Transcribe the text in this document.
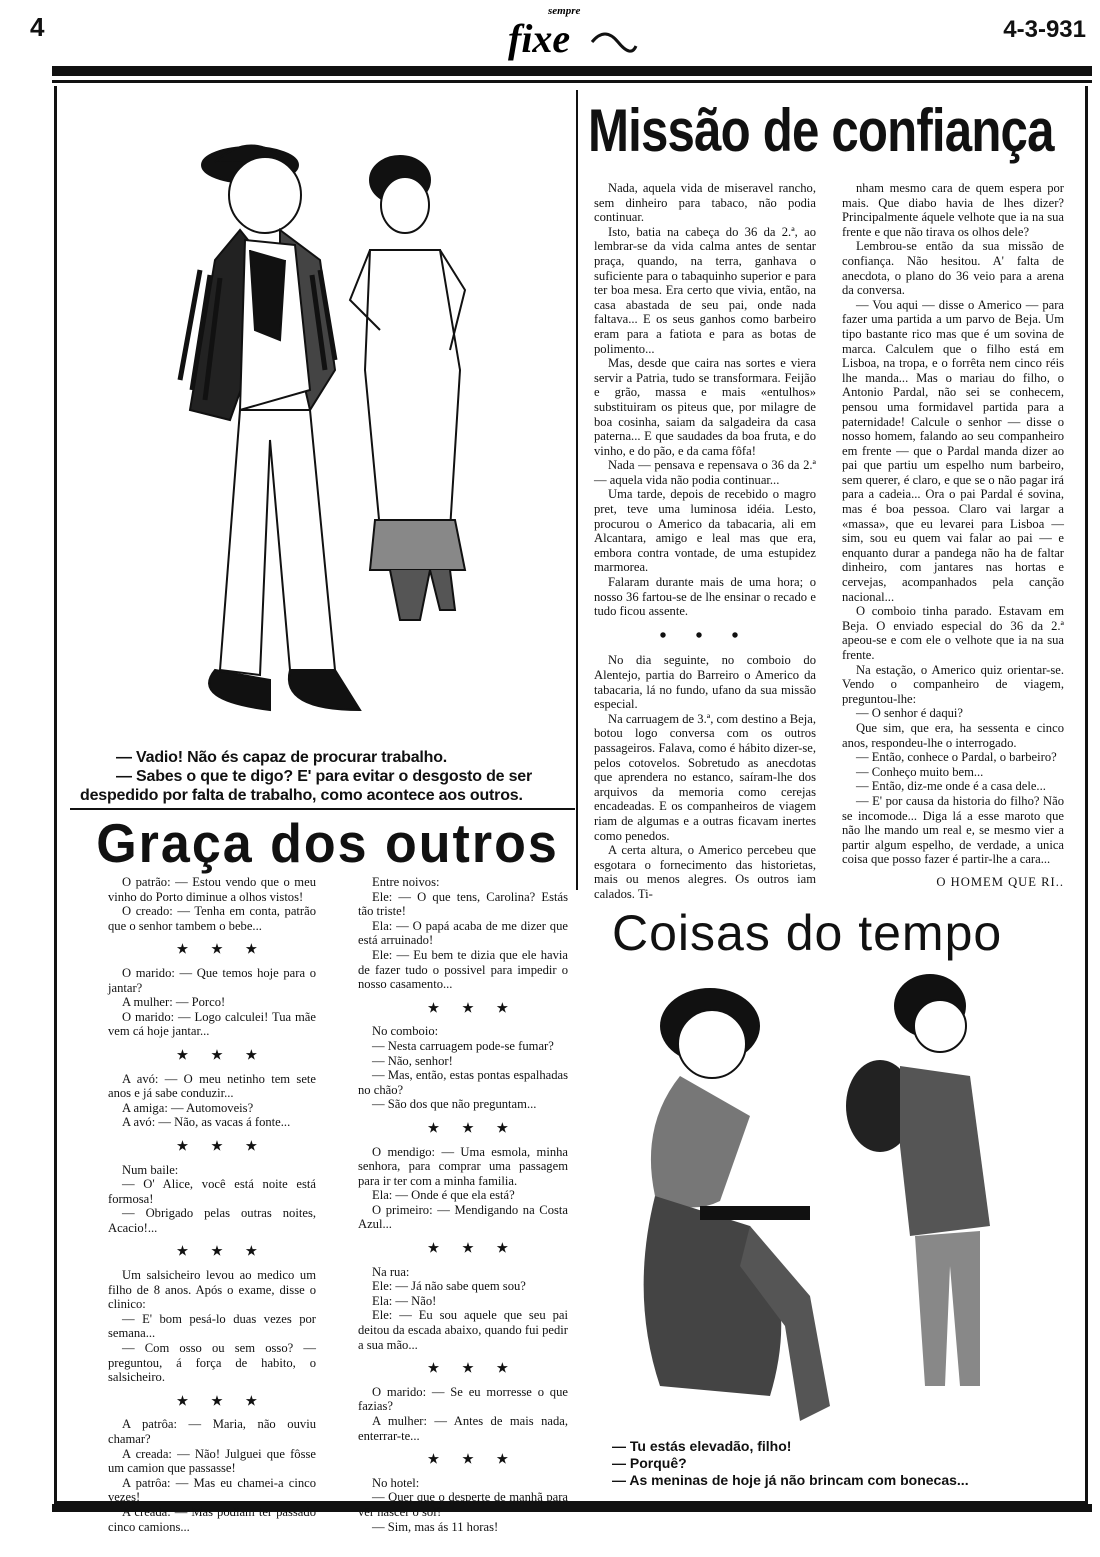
4
sempre
fixe	4-3-931

— Vadio! Não és capaz de procurar trabalho.

— Sabes o que te digo? E' para evitar o desgosto de ser despedido por falta de trabalho, como acontece aos outros.

Graça dos outros

O patrão: — Estou vendo que o meu vinho do Porto diminue a olhos vistos!

O creado: — Tenha em conta, patrão que o senhor tambem o bebe...

★ ★ ★

O marido: — Que temos hoje para o jantar?

A mulher: — Porco!

O marido: — Logo calculei! Tua mãe vem cá hoje jantar...

★ ★ ★

A avó: — O meu netinho tem sete anos e já sabe conduzir...

A amiga: — Automoveis?

A avó: — Não, as vacas á fonte...

★ ★ ★

Num baile:

— O' Alice, você está noite está formosa!

— Obrigado pelas outras noites, Acacio!...

★ ★ ★

Um salsicheiro levou ao medico um filho de 8 anos. Após o exame, disse o clinico:

— E' bom pesá-lo duas vezes por semana...

— Com osso ou sem osso? — preguntou, á força de habito, o salsicheiro.

★ ★ ★

A patrôa: — Maria, não ouviu chamar?

A creada: — Não! Julguei que fôsse um camion que passasse!

A patrôa: — Mas eu chamei-a cinco vezes!

A creada: — Mas podiam ter passado cinco camions...

Entre noivos:

Ele: — O que tens, Carolina? Estás tão triste!

Ela: — O papá acaba de me dizer que está arruinado!

Ele: — Eu bem te dizia que ele havia de fazer tudo o possivel para impedir o nosso casamento...

★ ★ ★

No comboio:

— Nesta carruagem pode-se fumar?

— Não, senhor!

— Mas, então, estas pontas espalhadas no chão?

— São dos que não preguntam...

★ ★ ★

O mendigo: — Uma esmola, minha senhora, para comprar uma passagem para ir ter com a minha familia.

Ela: — Onde é que ela está?

O primeiro: — Mendigando na Costa Azul...

★ ★ ★

Na rua:

Ele: — Já não sabe quem sou?

Ela: — Não!

Ele: — Eu sou aquele que seu pai deitou da escada abaixo, quando fui pedir a sua mão...

★ ★ ★

O marido: — Se eu morresse o que fazias?

A mulher: — Antes de mais nada, enterrar-te...

★ ★ ★

No hotel:

— Quer que o desperte de manhã para vêr nascer o sol?

— Sim, mas ás 11 horas!

Missão de confiança

Nada, aquela vida de miseravel rancho, sem dinheiro para tabaco, não podia continuar.

Isto, batia na cabeça do 36 da 2.ª, ao lembrar-se da vida calma antes de sentar praça, quando, na terra, ganhava o suficiente para o tabaquinho superior e para ter boa mesa. Era certo que vivia, então, na casa abastada de seu pai, onde nada faltava... E os seus ganhos como barbeiro eram para a fatiota e para as botas de polimento...

Mas, desde que caira nas sortes e viera servir a Patria, tudo se transformara. Feijão e grão, massa e mais «entulhos» substituiram os piteus que, por milagre de boa cosinha, saiam da salgadeira da casa paterna... E que saudades da boa fruta, e do vinho, e do pão, e da cama fôfa!

Nada — pensava e repensava o 36 da 2.ª — aquela vida não podia continuar...

Uma tarde, depois de recebido o magro pret, teve uma luminosa idéia. Lesto, procurou o Americo da tabacaria, ali em Alcantara, amigo e leal mas que era, embora contra vontade, de uma estupidez marmorea.

Falaram durante mais de uma hora; o nosso 36 fartou-se de lhe ensinar o recado e tudo ficou assente.

• • •

No dia seguinte, no comboio do Alentejo, partia do Barreiro o Americo da tabacaria, lá no fundo, ufano da sua missão especial.

Na carruagem de 3.ª, com destino a Beja, botou logo conversa com os outros passageiros. Falava, como é hábito dizer-se, pelos cotovelos. Sobretudo as anecdotas que aprendera no estanco, saíram-lhe dos arquivos da memoria como cerejas encadeadas. E os companheiros de viagem riam de algumas e a outras ficavam inertes como penedos.

A certa altura, o Americo percebeu que esgotara o fornecimento das historietas, mais ou menos alegres. Os outros iam calados. Ti-

nham mesmo cara de quem espera por mais. Que diabo havia de lhes dizer? Principalmente áquele velhote que ia na sua frente e que não tirava os olhos dele?

Lembrou-se então da sua missão de confiança. Não hesitou. A' falta de anecdota, o plano do 36 veio para a arena da conversa.

— Vou aqui — disse o Americo — para fazer uma partida a um parvo de Beja. Um tipo bastante rico mas que é um sovina de marca. Calculem que o filho está em Lisboa, na tropa, e o forrêta nem cinco réis lhe manda... Mas o mariau do filho, o Antonio Pardal, não sei se conhecem, pensou uma formidavel partida para a paternidade! Calcule o senhor — disse o nosso homem, falando ao seu companheiro em frente — que o Pardal manda dizer ao pai que partiu um espelho num barbeiro, sem querer, é claro, e que se o não pagar irá para a cadeia... Ora o pai Pardal é sovina, mas é boa pessoa. Claro vai largar a «massa», que eu levarei para Lisboa — sim, sou eu quem vai falar ao pai — e enquanto durar a pandega não ha de faltar dinheiro, com jantares nas hortas e cervejas, acompanhados pela canção nacional...

O comboio tinha parado. Estavam em Beja. O enviado especial do 36 da 2.ª apeou-se e com ele o velhote que ia na sua frente.

Na estação, o Americo quiz orientar-se. Vendo o companheiro de viagem, preguntou-lhe:

— O senhor é daqui?

Que sim, que era, ha sessenta e cinco anos, respondeu-lhe o interrogado.

— Então, conhece o Pardal, o barbeiro?

— Conheço muito bem...

— Então, diz-me onde é a casa dele...

— E' por causa da historia do filho? Não se incomode... Diga lá a esse maroto que não lhe mando um real e, se mesmo vier a partir algum espelho, de verdade, a unica coisa que posso fazer é partir-lhe a cara...

O HOMEM QUE RI..
Coisas do tempo

— Tu estás elevadão, filho!

— Porquê?

— As meninas de hoje já não brincam com bonecas...
